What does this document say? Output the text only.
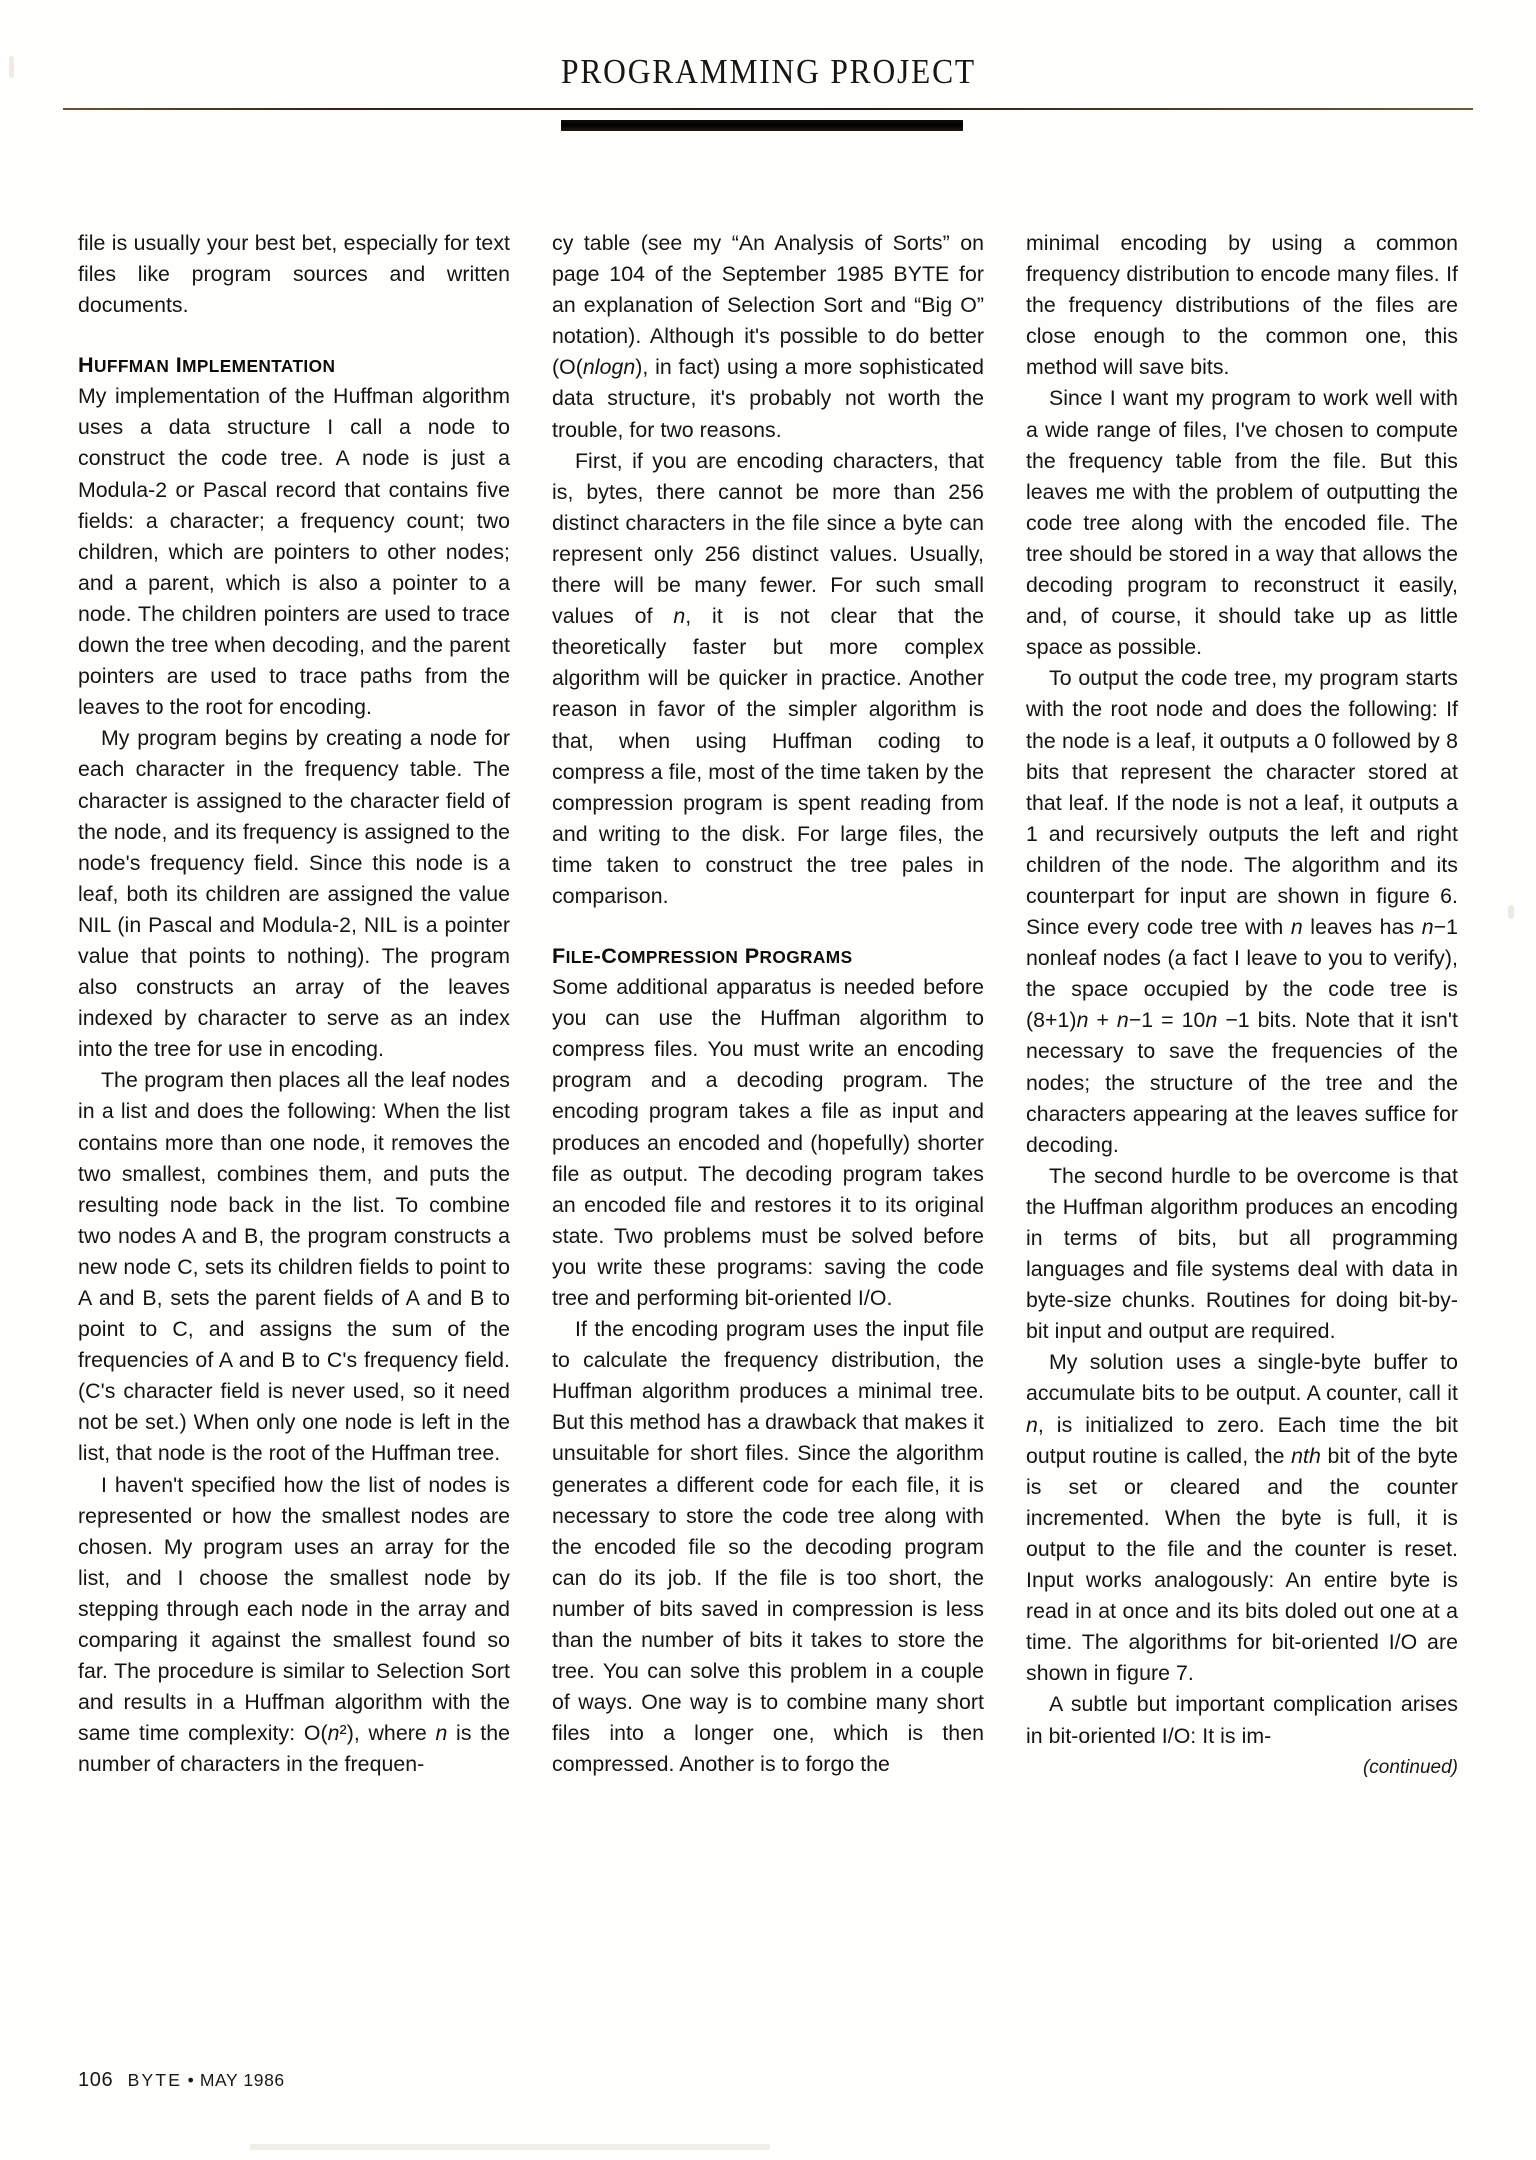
PROGRAMMING PROJECT

file is usually your best bet, especially for text files like program sources and written documents.

HUFFMAN IMPLEMENTATION

My implementation of the Huffman algorithm uses a data structure I call a node to construct the code tree. A node is just a Modula-2 or Pascal record that contains five fields: a character; a frequency count; two children, which are pointers to other nodes; and a parent, which is also a pointer to a node. The children pointers are used to trace down the tree when decoding, and the parent pointers are used to trace paths from the leaves to the root for encoding.

My program begins by creating a node for each character in the frequency table. The character is assigned to the character field of the node, and its frequency is assigned to the node's frequency field. Since this node is a leaf, both its children are assigned the value NIL (in Pascal and Modula-2, NIL is a pointer value that points to nothing). The program also constructs an array of the leaves indexed by character to serve as an index into the tree for use in encoding.

The program then places all the leaf nodes in a list and does the following: When the list contains more than one node, it removes the two smallest, combines them, and puts the resulting node back in the list. To combine two nodes A and B, the program constructs a new node C, sets its children fields to point to A and B, sets the parent fields of A and B to point to C, and assigns the sum of the frequencies of A and B to C's frequency field. (C's character field is never used, so it need not be set.) When only one node is left in the list, that node is the root of the Huffman tree.

I haven't specified how the list of nodes is represented or how the smallest nodes are chosen. My program uses an array for the list, and I choose the smallest node by stepping through each node in the array and comparing it against the smallest found so far. The procedure is similar to Selection Sort and results in a Huffman algorithm with the same time complexity: O(n²), where n is the number of characters in the frequen-

cy table (see my “An Analysis of Sorts” on page 104 of the September 1985 BYTE for an explanation of Selection Sort and “Big O” notation). Although it's possible to do better (O(nlogn), in fact) using a more sophisticated data structure, it's probably not worth the trouble, for two reasons.

First, if you are encoding characters, that is, bytes, there cannot be more than 256 distinct characters in the file since a byte can represent only 256 distinct values. Usually, there will be many fewer. For such small values of n, it is not clear that the theoretically faster but more complex algorithm will be quicker in practice. Another reason in favor of the simpler algorithm is that, when using Huffman coding to compress a file, most of the time taken by the compression program is spent reading from and writing to the disk. For large files, the time taken to construct the tree pales in comparison.

FILE-COMPRESSION PROGRAMS

Some additional apparatus is needed before you can use the Huffman algorithm to compress files. You must write an encoding program and a decoding program. The encoding program takes a file as input and produces an encoded and (hopefully) shorter file as output. The decoding program takes an encoded file and restores it to its original state. Two problems must be solved before you write these programs: saving the code tree and performing bit-oriented I/O.

If the encoding program uses the input file to calculate the frequency distribution, the Huffman algorithm produces a minimal tree. But this method has a drawback that makes it unsuitable for short files. Since the algorithm generates a different code for each file, it is necessary to store the code tree along with the encoded file so the decoding program can do its job. If the file is too short, the number of bits saved in compression is less than the number of bits it takes to store the tree. You can solve this problem in a couple of ways. One way is to combine many short files into a longer one, which is then compressed. Another is to forgo the

minimal encoding by using a common frequency distribution to encode many files. If the frequency distributions of the files are close enough to the common one, this method will save bits.

Since I want my program to work well with a wide range of files, I've chosen to compute the frequency table from the file. But this leaves me with the problem of outputting the code tree along with the encoded file. The tree should be stored in a way that allows the decoding program to reconstruct it easily, and, of course, it should take up as little space as possible.

To output the code tree, my program starts with the root node and does the following: If the node is a leaf, it outputs a 0 followed by 8 bits that represent the character stored at that leaf. If the node is not a leaf, it outputs a 1 and recursively outputs the left and right children of the node. The algorithm and its counterpart for input are shown in figure 6. Since every code tree with n leaves has n−1 nonleaf nodes (a fact I leave to you to verify), the space occupied by the code tree is (8+1)n + n−1 = 10n −1 bits. Note that it isn't necessary to save the frequencies of the nodes; the structure of the tree and the characters appearing at the leaves suffice for decoding.

The second hurdle to be overcome is that the Huffman algorithm produces an encoding in terms of bits, but all programming languages and file systems deal with data in byte-size chunks. Routines for doing bit-by-bit input and output are required.

My solution uses a single-byte buffer to accumulate bits to be output. A counter, call it n, is initialized to zero. Each time the bit output routine is called, the nth bit of the byte is set or cleared and the counter incremented. When the byte is full, it is output to the file and the counter is reset. Input works analogously: An entire byte is read in at once and its bits doled out one at a time. The algorithms for bit-oriented I/O are shown in figure 7.

A subtle but important complication arises in bit-oriented I/O: It is im-

(continued)
106 BYTE • MAY 1986
